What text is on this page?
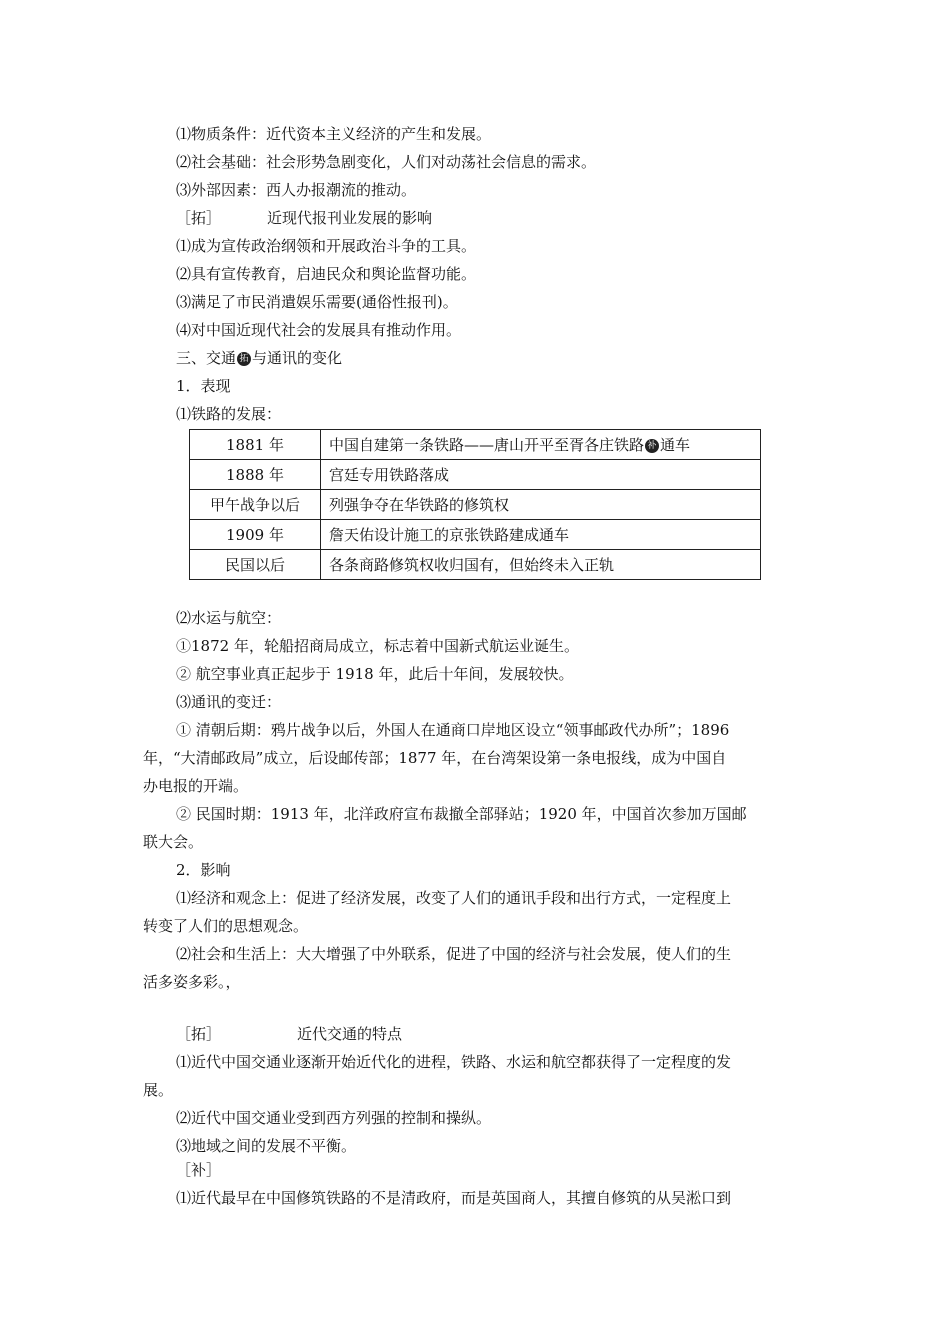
⑴物质条件：近代资本主义经济的产生和发展。
⑵社会基础：社会形势急剧变化，人们对动荡社会信息的需求。
⑶外部因素：西人办报潮流的推动。
［拓］	近现代报刊业发展的影响
⑴成为宣传政治纲领和开展政治斗争的工具。
⑵具有宣传教育，启迪民众和舆论监督功能。
⑶满足了市民消遣娱乐需要(通俗性报刊)。
⑷对中国近现代社会的发展具有推动作用。
三、交通 拓 与通讯的变化
1．表现
⑴铁路的发展：
1881 年	中国自建第一条铁路——唐山开平至胥各庄铁路 补 通车
1888 年	宫廷专用铁路落成
甲午战争以后	列强争夺在华铁路的修筑权
1909 年	詹天佑设计施工的京张铁路建成通车
民国以后	各条商路修筑权收归国有，但始终未入正轨
⑵水运与航空：
①1872 年，轮船招商局成立，标志着中国新式航运业诞生。
② 航空事业真正起步于 1918 年，此后十年间，发展较快。
⑶通讯的变迁：
① 清朝后期：鸦片战争以后，外国人在通商口岸地区设立“领事邮政代办所”；1896
年，“大清邮政局”成立，后设邮传部；1877 年，在台湾架设第一条电报线，成为中国自
办电报的开端。
② 民国时期：1913 年，北洋政府宣布裁撤全部驿站；1920 年，中国首次参加万国邮
联大会。
2．影响
⑴经济和观念上：促进了经济发展，改变了人们的通讯手段和出行方式，一定程度上
转变了人们的思想观念。
⑵社会和生活上：大大增强了中外联系，促进了中国的经济与社会发展，使人们的生
活多姿多彩。，
［拓］	近代交通的特点
⑴近代中国交通业逐渐开始近代化的进程，铁路、水运和航空都获得了一定程度的发
展。
⑵近代中国交通业受到西方列强的控制和操纵。
⑶地域之间的发展不平衡。
［补］
⑴近代最早在中国修筑铁路的不是清政府，而是英国商人，其擅自修筑的从吴淞口到
